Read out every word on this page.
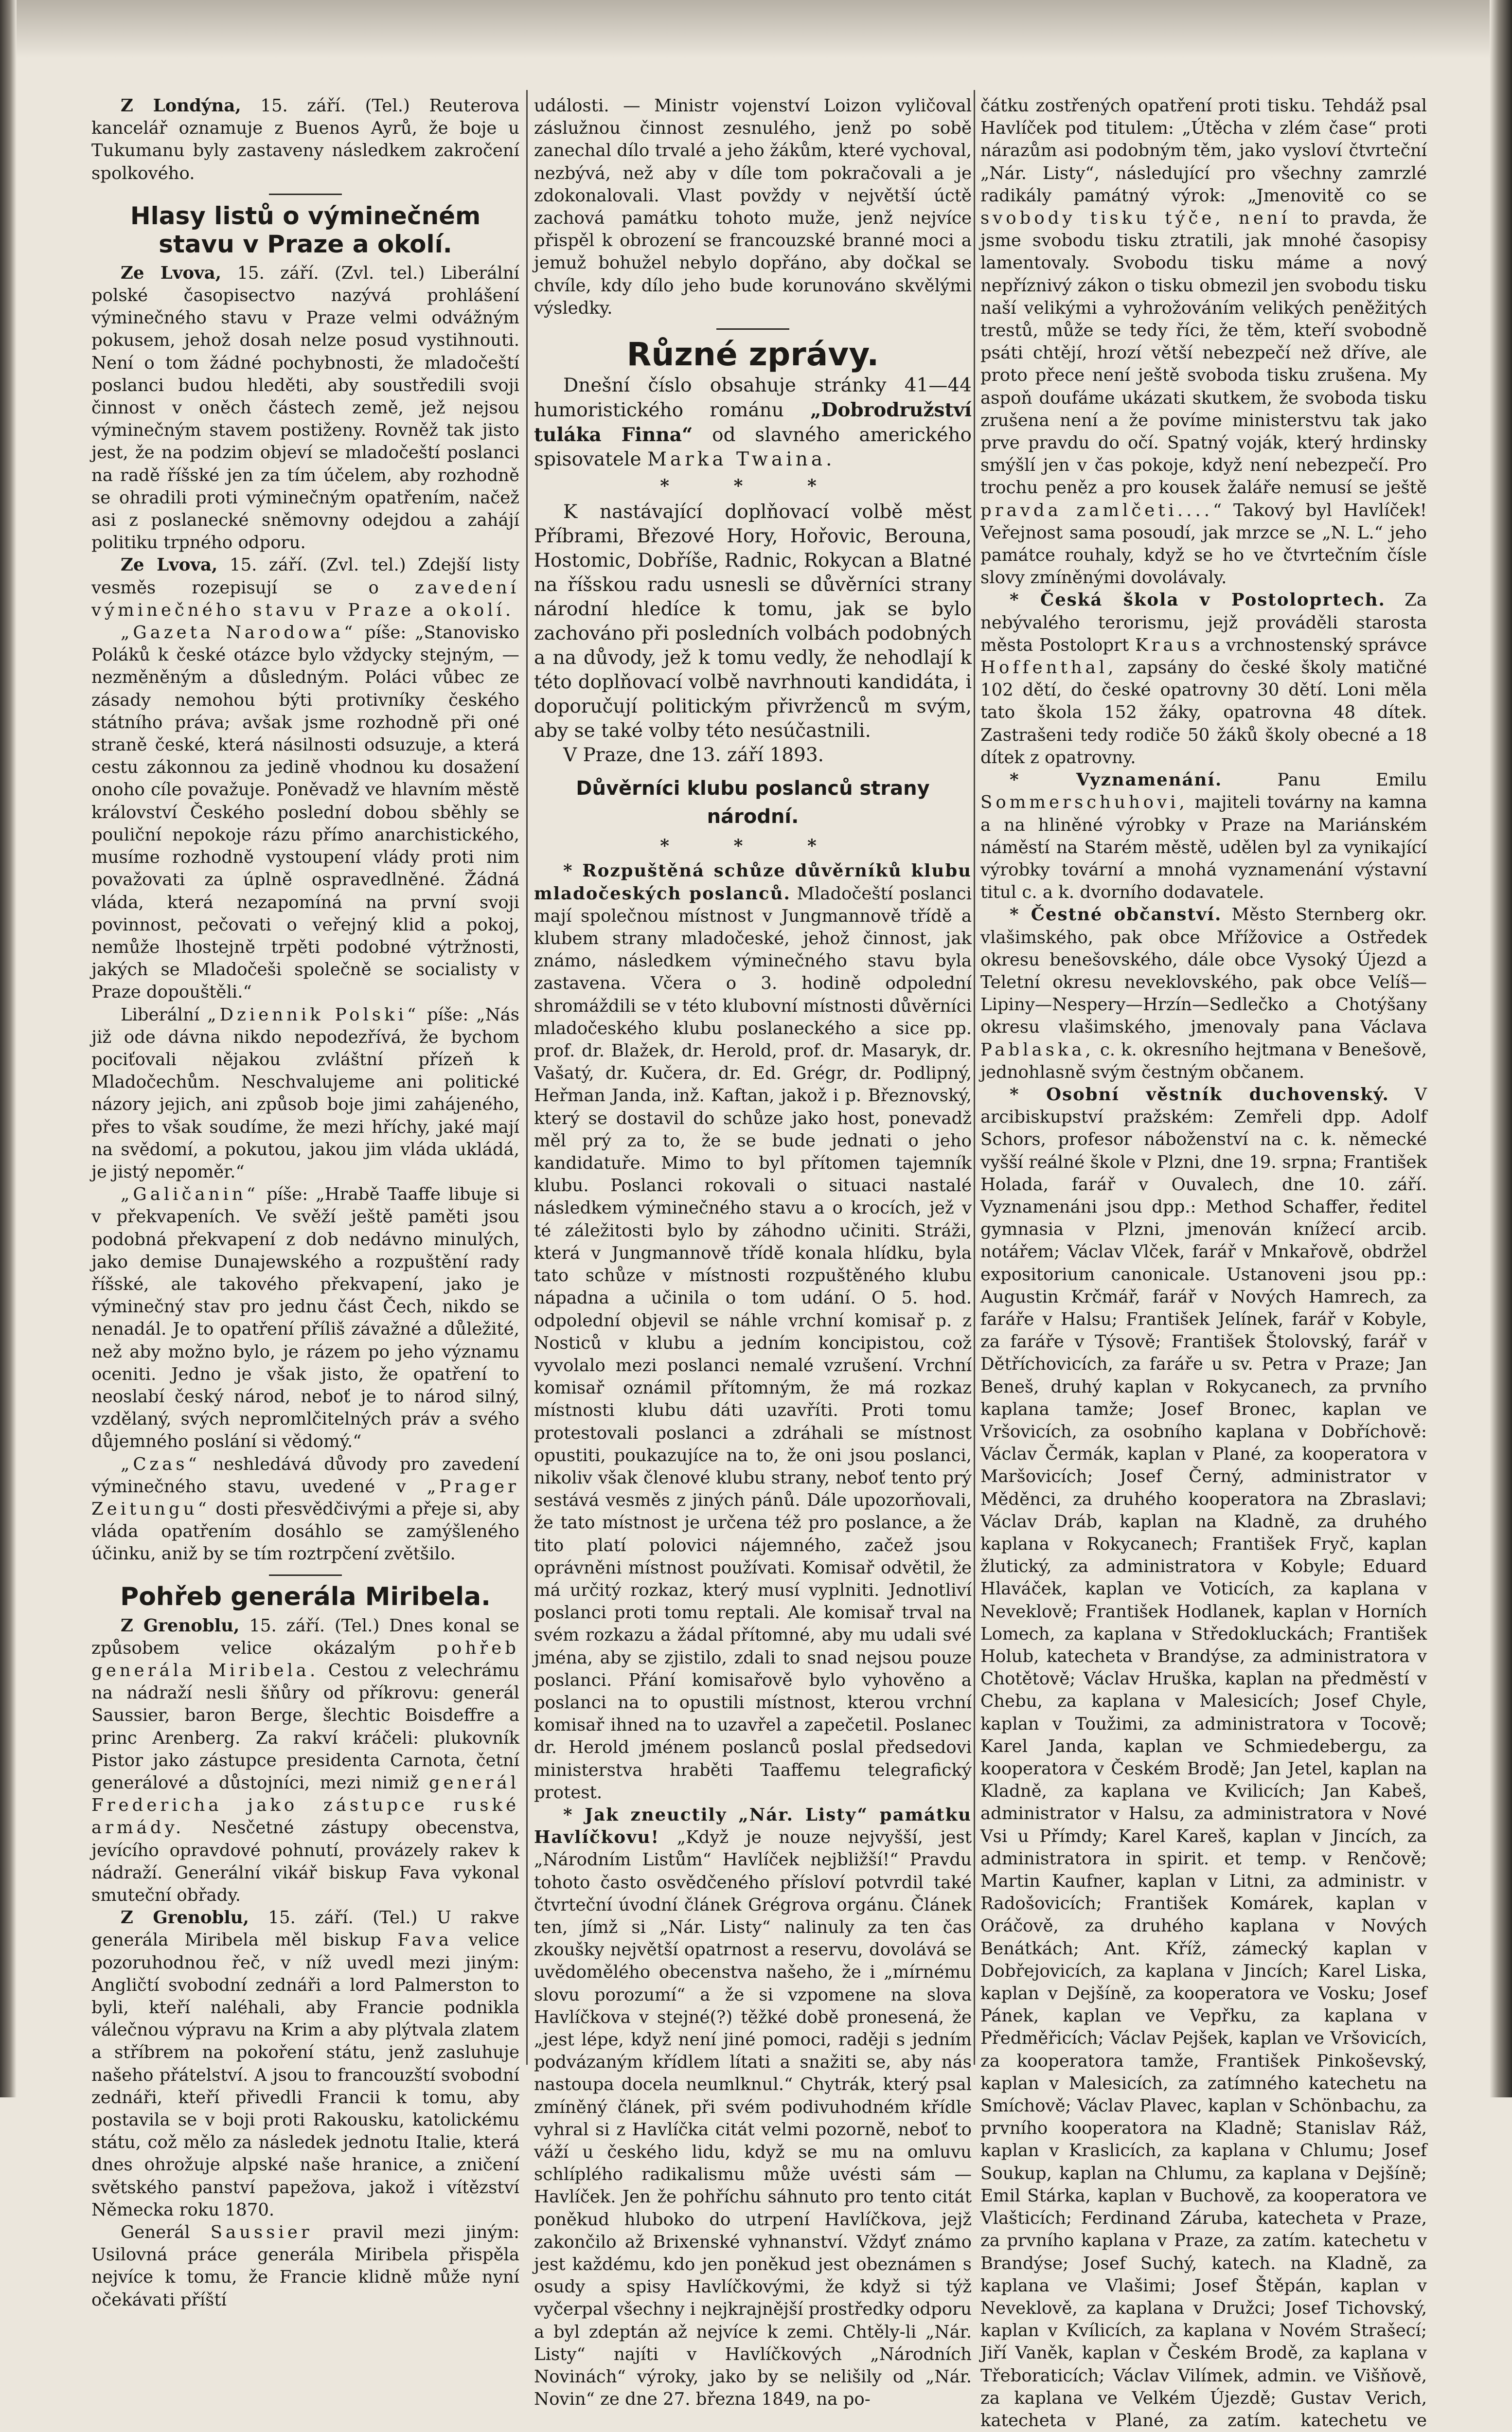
Z Londýna, 15. září. (Tel.) Reuterova kancelář oznamuje z Buenos Ayrů, že boje u Tukumanu byly zastaveny následkem zakročení spolkového.

Hlasy listů o výminečném stavu v Praze a okolí.

Ze Lvova, 15. září. (Zvl. tel.) Liberální polské časopisectvo nazývá prohlášení výminečného stavu v Praze velmi odvážným pokusem, jehož dosah nelze posud vystihnouti. Není o tom žádné pochybnosti, že mladočeští poslanci budou hleděti, aby soustředili svoji činnost v oněch částech země, jež nejsou výminečným stavem postiženy. Rovněž tak jisto jest, že na podzim objeví se mladočeští poslanci na radě říšské jen za tím účelem, aby rozhodně se ohradili proti výminečným opatřením, načež asi z poslanecké sněmovny odejdou a zahájí politiku trpného odporu.

Ze Lvova, 15. září. (Zvl. tel.) Zdejší listy vesměs rozepisují se o zavedení výminečného stavu v Praze a okolí.

„Gazeta Narodowa“ píše: „Stanovisko Poláků k české otázce bylo vždycky stejným, — nezměněným a důsledným. Poláci vůbec ze zásady nemohou býti protivníky českého státního práva; avšak jsme rozhodně při oné straně české, která násilnosti odsuzuje, a která cestu zákonnou za jedině vhodnou ku dosažení onoho cíle považuje. Poněvadž ve hlavním městě království Českého poslední dobou sběhly se pouliční nepokoje rázu přímo anarchistického, musíme rozhodně vystoupení vlády proti nim považovati za úplně ospravedlněné. Žádná vláda, která nezapomíná na první svoji povinnost, pečovati o veřejný klid a pokoj, nemůže lhostejně trpěti podobné výtržnosti, jakých se Mladočeši společně se socialisty v Praze dopouštěli.“

Liberální „Dziennik Polski“ píše: „Nás již ode dávna nikdo nepodezřívá, že bychom pociťovali nějakou zvláštní přízeň k Mladočechům. Neschvalujeme ani politické názory jejich, ani způsob boje jimi zahájeného, přes to však soudíme, že mezi hříchy, jaké mají na svědomí, a pokutou, jakou jim vláda ukládá, je jistý nepoměr.“

„Galičanin“ píše: „Hrabě Taaffe libuje si v překvapeních. Ve svěží ještě paměti jsou podobná překvapení z dob nedávno minulých, jako demise Dunajewského a rozpuštění rady říšské, ale takového překvapení, jako je výminečný stav pro jednu část Čech, nikdo se nenadál. Je to opatření příliš závažné a důležité, než aby možno bylo, je rázem po jeho významu oceniti. Jedno je však jisto, že opatření to neoslabí český národ, neboť je to národ silný, vzdělaný, svých nepromlčitelných práv a svého důjemného poslání si vědomý.“

„Czas“ neshledává důvody pro zavedení výminečného stavu, uvedené v „Prager Zeitungu“ dosti přesvědčivými a přeje si, aby vláda opatřením dosáhlo se zamýšleného účinku, aniž by se tím roztrpčení zvětšilo.

Pohřeb generála Miribela.

Z Grenoblu, 15. září. (Tel.) Dnes konal se způsobem velice okázalým pohřeb generála Miribela. Cestou z velechrámu na nádraží nesli šňůry od příkrovu: generál Saussier, baron Berge, šlechtic Boisdeffre a princ Arenberg. Za rakví kráčeli: plukovník Pistor jako zástupce presidenta Carnota, četní generálové a důstojníci, mezi nimiž generál Fredericha jako zástupce ruské armády. Nesčetné zástupy obecenstva, jevícího opravdové pohnutí, provázely rakev k nádraží. Generální vikář biskup Fava vykonal smuteční obřady.

Z Grenoblu, 15. září. (Tel.) U rakve generála Miribela měl biskup Fava velice pozoruhodnou řeč, v níž uvedl mezi jiným: Angličtí svobodní zednáři a lord Palmerston to byli, kteří naléhali, aby Francie podnikla válečnou výpravu na Krim a aby plýtvala zlatem a stříbrem na pokoření státu, jenž zasluhuje našeho přátelství. A jsou to francouzští svobodní zednáři, kteří přivedli Francii k tomu, aby postavila se v boji proti Rakousku, katolickému státu, což mělo za následek jednotu Italie, která dnes ohrožuje alpské naše hranice, a zničení světského panství papežova, jakož i vítězství Německa roku 1870.

Generál Saussier pravil mezi jiným: Usilovná práce generála Miribela přispěla nejvíce k tomu, že Francie klidně může nyní očekávati příští

události. — Ministr vojenství Loizon vyličoval záslužnou činnost zesnulého, jenž po sobě zanechal dílo trvalé a jeho žákům, které vychoval, nezbývá, než aby v díle tom pokračovali a je zdokonalovali. Vlast povždy v největší úctě zachová památku tohoto muže, jenž nejvíce přispěl k obrození se francouzské branné moci a jemuž bohužel nebylo dopřáno, aby dočkal se chvíle, kdy dílo jeho bude korunováno skvělými výsledky.

Různé zprávy.

Dnešní číslo obsahuje stránky 41—44 humoristického románu „Dobrodružství tuláka Finna“ od slavného amerického spisovatele Marka Twaina.

* * *

K nastávající doplňovací volbě měst Příbrami, Březové Hory, Hořovic, Berouna, Hostomic, Dobříše, Radnic, Rokycan a Blatné na říšskou radu usnesli se důvěrníci strany národní hledíce k tomu, jak se bylo zachováno při posledních volbách podobných a na důvody, jež k tomu vedly, že nehodlají k této doplňovací volbě navrhnouti kandidáta, i doporučují politickým přivrženců m svým, aby se také volby této nesúčastnili.

V Praze, dne 13. září 1893.

Důvěrníci klubu poslanců strany národní.
* * *

* Rozpuštěná schůze důvěrníků klubu mladočeských poslanců. Mladočeští poslanci mají společnou místnost v Jungmannově třídě a klubem strany mladočeské, jehož činnost, jak známo, následkem výminečného stavu byla zastavena. Včera o 3. hodině odpolední shromáždili se v této klubovní místnosti důvěrníci mladočeského klubu poslaneckého a sice pp. prof. dr. Blažek, dr. Herold, prof. dr. Masaryk, dr. Vašatý, dr. Kučera, dr. Ed. Grégr, dr. Podlipný, Heřman Janda, inž. Kaftan, jakož i p. Březnovský, který se dostavil do schůze jako host, ponevadž měl prý za to, že se bude jednati o jeho kandidatuře. Mimo to byl přítomen tajemník klubu. Poslanci rokovali o situaci nastalé následkem výminečného stavu a o krocích, jež v té záležitosti bylo by záhodno učiniti. Stráži, která v Jungmannově třídě konala hlídku, byla tato schůze v místnosti rozpuštěného klubu nápadna a učinila o tom udání. O 5. hod. odpolední objevil se náhle vrchní komisař p. z Nosticů v klubu a jedním koncipistou, což vyvolalo mezi poslanci nemalé vzrušení. Vrchní komisař oznámil přítomným, že má rozkaz místnosti klubu dáti uzavříti. Proti tomu protestovali poslanci a zdráhali se místnost opustiti, poukazujíce na to, že oni jsou poslanci, nikoliv však členové klubu strany, neboť tento prý sestává vesměs z jiných pánů. Dále upozorňovali, že tato místnost je určena též pro poslance, a že tito platí polovici nájemného, začež jsou oprávněni místnost používati. Komisař odvětil, že má určitý rozkaz, který musí vyplniti. Jednotliví poslanci proti tomu reptali. Ale komisař trval na svém rozkazu a žádal přítomné, aby mu udali své jména, aby se zjistilo, zdali to snad nejsou pouze poslanci. Přání komisařově bylo vyhověno a poslanci na to opustili místnost, kterou vrchní komisař ihned na to uzavřel a zapečetil. Poslanec dr. Herold jménem poslanců poslal předsedovi ministerstva hraběti Taaffemu telegrafický protest.

* Jak zneuctily „Nár. Listy“ památku Havlíčkovu! „Když je nouze nejvyšší, jest „Národním Listům“ Havlíček nejbližší!“ Pravdu tohoto často osvědčeného přísloví potvrdil také čtvrteční úvodní článek Grégrova orgánu. Článek ten, jímž si „Nár. Listy“ nalinuly za ten čas zkoušky největší opatrnost a reservu, dovolává se uvědomělého obecenstva našeho, že i „mírnému slovu porozumí“ a že si vzpomene na slova Havlíčkova v stejné(?) těžké době pronesená, že „jest lépe, když není jiné pomoci, raději s jedním podvázaným křídlem lítati a snažiti se, aby nás nastoupa docela neumlknul.“ Chytrák, který psal zmíněný článek, při svém podivuhodném křídle vyhral si z Havlíčka citát velmi pozorně, neboť to váží u českého lidu, když se mu na omluvu schlíplého radikalismu může uvésti sám — Havlíček. Jen že pohříchu sáhnuto pro tento citát poněkud hluboko do utrpení Havlíčkova, jejž zakončilo až Brixenské vyhnanství. Vždyť známo jest každému, kdo jen poněkud jest obeznámen s osudy a spisy Havlíčkovými, že když si týž vyčerpal všechny i nejkrajnější prostředky odporu a byl zdeptán až nejvíce k zemi. Chtěly-li „Nár. Listy“ najíti v Havlíčkových „Národních Novinách“ výroky, jako by se nelišily od „Nár. Novin“ ze dne 27. března 1849, na po-

čátku zostřených opatření proti tisku. Tehdáž psal Havlíček pod titulem: „Útěcha v zlém čase“ proti nárazům asi podobným těm, jako vysloví čtvrteční „Nár. Listy“, následující pro všechny zamrzlé radikály památný výrok: „Jmenovitě co se svobody tisku týče, není to pravda, že jsme svobodu tisku ztratili, jak mnohé časopisy lamentovaly. Svobodu tisku máme a nový nepříznivý zákon o tisku obmezil jen svobodu tisku naší velikými a vyhrožováním velikých peněžitých trestů, může se tedy říci, že těm, kteří svobodně psáti chtějí, hrozí větší nebezpečí než dříve, ale proto přece není ještě svoboda tisku zrušena. My aspoň doufáme ukázati skutkem, že svoboda tisku zrušena není a že povíme ministerstvu tak jako prve pravdu do očí. Spatný voják, který hrdinsky smýšlí jen v čas pokoje, když není nebezpečí. Pro trochu peněz a pro kousek žaláře nemusí se ještě pravda zamlčeti....“ Takový byl Havlíček! Veřejnost sama posoudí, jak mrzce se „N. L.“ jeho památce rouhaly, když se ho ve čtvrtečním čísle slovy zmíněnými dovolávaly.

* Česká škola v Postoloprtech. Za nebývalého terorismu, jejž prováděli starosta města Postoloprt Kraus a vrchnostenský správce Hoffenthal, zapsány do české školy matičné 102 dětí, do české opatrovny 30 dětí. Loni měla tato škola 152 žáky, opatrovna 48 dítek. Zastrašeni tedy rodiče 50 žáků školy obecné a 18 dítek z opatrovny.

* Vyznamenání. Panu Emilu Sommerschuhovi, majiteli továrny na kamna a na hliněné výrobky v Praze na Mariánském náměstí na Starém městě, udělen byl za vynikající výrobky tovární a mnohá vyznamenání výstavní titul c. a k. dvorního dodavatele.

* Čestné občanství. Město Sternberg okr. vlašimského, pak obce Mřížovice a Ostředek okresu benešovského, dále obce Vysoký Újezd a Teletní okresu neveklovského, pak obce Velíš—Lipiny—Nespery—Hrzín—Sedlečko a Chotýšany okresu vlašimského, jmenovaly pana Václava Pablaska, c. k. okresního hejtmana v Benešově, jednohlasně svým čestným občanem.

* Osobní věstník duchovenský. V arcibiskupství pražském: Zemřeli dpp. Adolf Schors, profesor náboženství na c. k. německé vyšší reálné škole v Plzni, dne 19. srpna; František Holada, farář v Ouvalech, dne 10. září. Vyznamenáni jsou dpp.: Method Schaffer, ředitel gymnasia v Plzni, jmenován knížecí arcib. notářem; Václav Vlček, farář v Mnkařově, obdržel expositorium canonicale. Ustanoveni jsou pp.: Augustin Krčmář, farář v Nových Hamrech, za faráře v Halsu; František Jelínek, farář v Kobyle, za faráře v Týsově; František Štolovský, farář v Dětříchovicích, za faráře u sv. Petra v Praze; Jan Beneš, druhý kaplan v Rokycanech, za prvního kaplana tamže; Josef Bronec, kaplan ve Vršovicích, za osobního kaplana v Dobříchově: Václav Čermák, kaplan v Plané, za kooperatora v Maršovicích; Josef Černý, administrator v Měděnci, za druhého kooperatora na Zbraslavi; Václav Dráb, kaplan na Kladně, za druhého kaplana v Rokycanech; František Fryč, kaplan žlutický, za administratora v Kobyle; Eduard Hlaváček, kaplan ve Voticích, za kaplana v Neveklově; František Hodlanek, kaplan v Horních Lomech, za kaplana v Středokluckách; František Holub, katecheta v Brandýse, za administratora v Chotětově; Václav Hruška, kaplan na předměstí v Chebu, za kaplana v Malesicích; Josef Chyle, kaplan v Toužimi, za administratora v Tocově; Karel Janda, kaplan ve Schmiedebergu, za kooperatora v Českém Brodě; Jan Jetel, kaplan na Kladně, za kaplana ve Kvilicích; Jan Kabeš, administrator v Halsu, za administratora v Nové Vsi u Přímdy; Karel Kareš, kaplan v Jincích, za administratora in spirit. et temp. v Renčově; Martin Kaufner, kaplan v Litni, za administr. v Radošovicích; František Komárek, kaplan v Oráčově, za druhého kaplana v Nových Benátkách; Ant. Kříž, zámecký kaplan v Dobřejovicích, za kaplana v Jincích; Karel Liska, kaplan v Dejšíně, za kooperatora ve Vosku; Josef Pánek, kaplan ve Vepřku, za kaplana v Předměřicích; Václav Pejšek, kaplan ve Vršovicích, za kooperatora tamže, František Pinkoševský, kaplan v Malesicích, za zatímného katechetu na Smíchově; Václav Plavec, kaplan v Schönbachu, za prvního kooperatora na Kladně; Stanislav Ráž, kaplan v Kraslicích, za kaplana v Chlumu; Josef Soukup, kaplan na Chlumu, za kaplana v Dejšíně; Emil Stárka, kaplan v Buchově, za kooperatora ve Vlašticích; Ferdinand Záruba, katecheta v Praze, za prvního kaplana v Praze, za zatím. katechetu v Brandýse; Josef Suchý, katech. na Kladně, za kaplana ve Vlašimi; Josef Štěpán, kaplan v Neveklově, za kaplana v Družci; Josef Tichovský, kaplan v Kvílicích, za kaplana v Novém Strašecí; Jiří Vaněk, kaplan v Českém Brodě, za kaplana v Třeboraticích; Václav Vilímek, admin. ve Višňově, za kaplana ve Velkém Újezdě; Gustav Verich, katecheta v Plané, za zatím. katechetu ve
